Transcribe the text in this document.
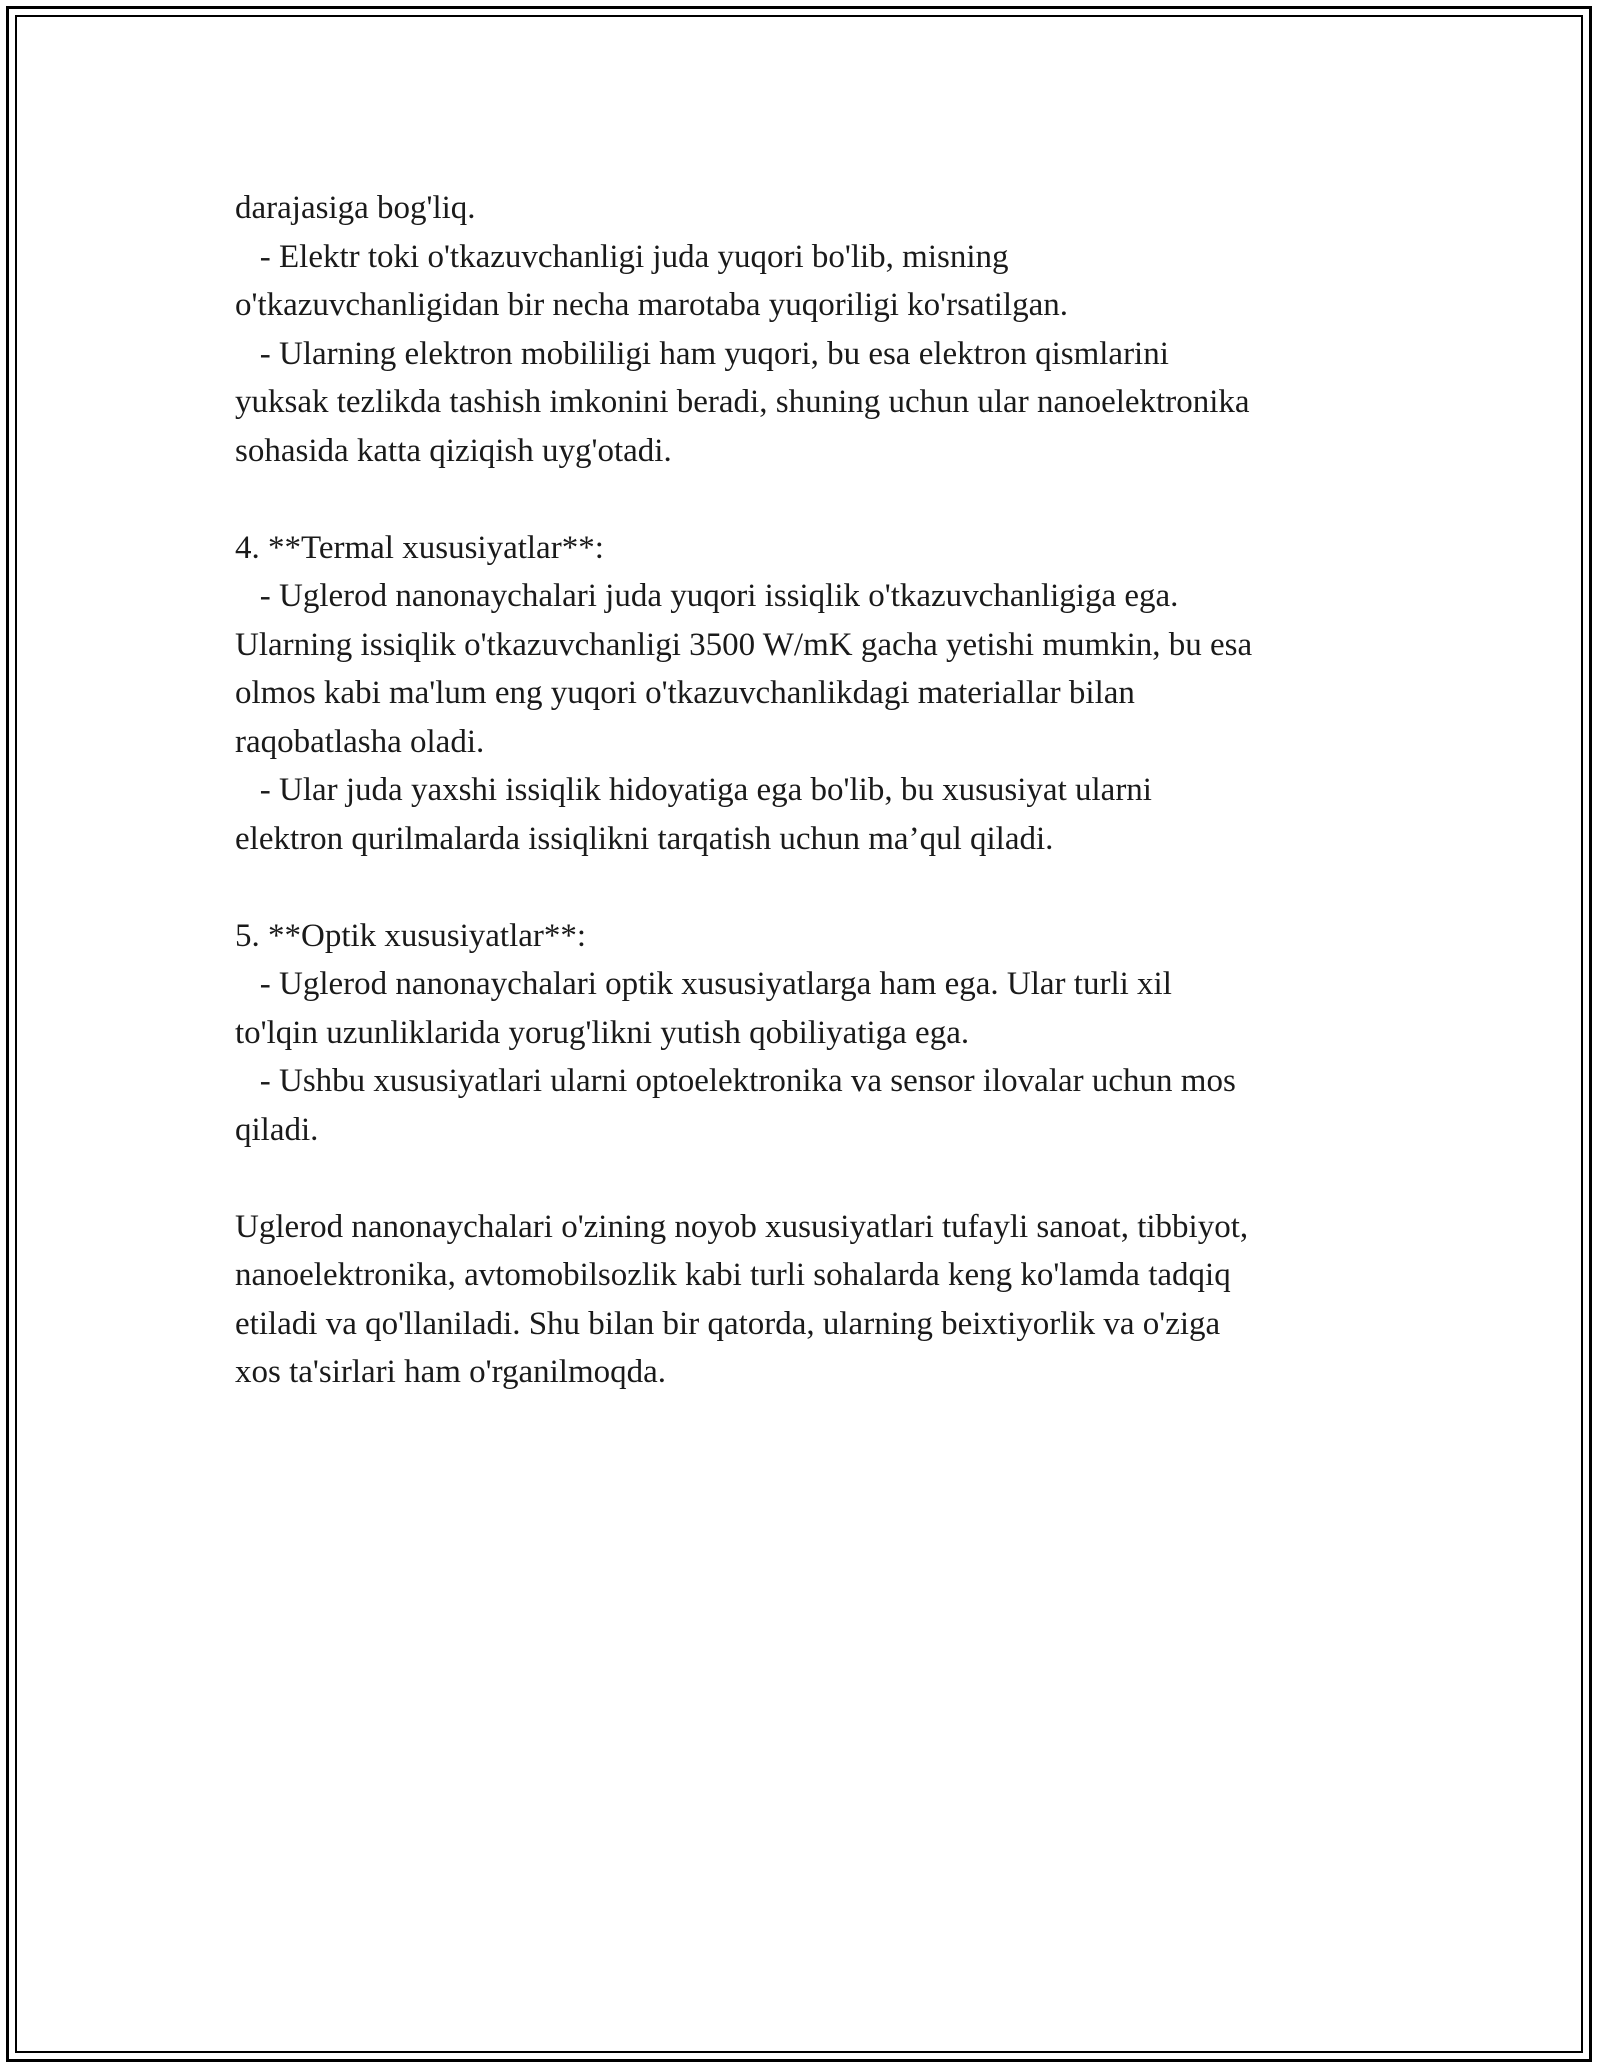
darajasiga bog'liq.
- Elektr toki o'tkazuvchanligi juda yuqori bo'lib, misning
o'tkazuvchanligidan bir necha marotaba yuqoriligi ko'rsatilgan.
- Ularning elektron mobililigi ham yuqori, bu esa elektron qismlarini
yuksak tezlikda tashish imkonini beradi, shuning uchun ular nanoelektronika
sohasida katta qiziqish uyg'otadi.
4. **Termal xususiyatlar**:
- Uglerod nanonaychalari juda yuqori issiqlik o'tkazuvchanligiga ega.
Ularning issiqlik o'tkazuvchanligi 3500 W/mK gacha yetishi mumkin, bu esa
olmos kabi ma'lum eng yuqori o'tkazuvchanlikdagi materiallar bilan
raqobatlasha oladi.
- Ular juda yaxshi issiqlik hidoyatiga ega bo'lib, bu xususiyat ularni
elektron qurilmalarda issiqlikni tarqatish uchun ma’qul qiladi.
5. **Optik xususiyatlar**:
- Uglerod nanonaychalari optik xususiyatlarga ham ega. Ular turli xil
to'lqin uzunliklarida yorug'likni yutish qobiliyatiga ega.
- Ushbu xususiyatlari ularni optoelektronika va sensor ilovalar uchun mos
qiladi.
Uglerod nanonaychalari o'zining noyob xususiyatlari tufayli sanoat, tibbiyot,
nanoelektronika, avtomobilsozlik kabi turli sohalarda keng ko'lamda tadqiq
etiladi va qo'llaniladi. Shu bilan bir qatorda, ularning beixtiyorlik va o'ziga
xos ta'sirlari ham o'rganilmoqda.
